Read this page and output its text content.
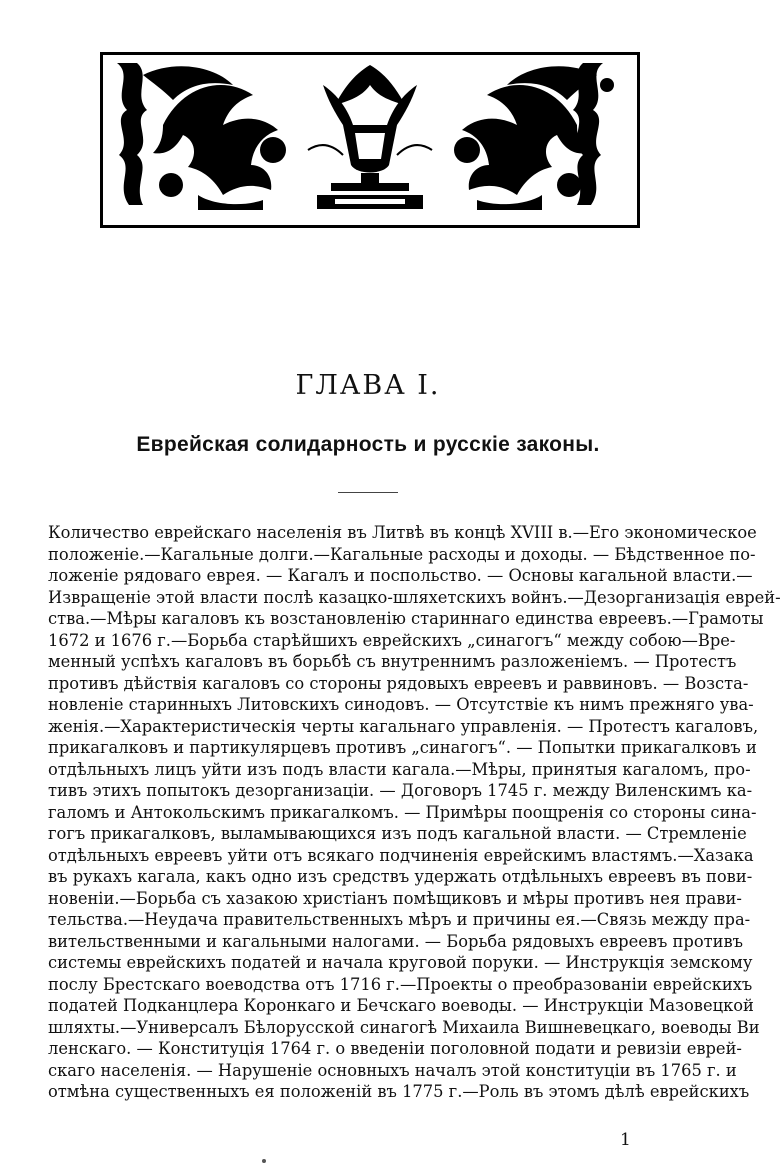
ГЛАВА I.
Еврейская солидарность и русскіе законы.
Количество еврейскаго населенія въ Литвѣ въ концѣ XVIII в.—Его экономическое
положеніе.—Кагальные долги.—Кагальные расходы и доходы. — Бѣдственное по-
ложеніе рядоваго еврея. — Кагалъ и поспольство. — Основы кагальной власти.—
Извращеніе этой власти послѣ казацко-шляхетскихъ войнъ.—Дезорганизація еврей-
ства.—Мѣры кагаловъ къ возстановленію стариннаго единства евреевъ.—Грамоты
1672 и 1676 г.—Борьба старѣйшихъ еврейскихъ „синагогъ“ между собою—Вре-
менный успѣхъ кагаловъ въ борьбѣ съ внутреннимъ разложеніемъ. — Протестъ
противъ дѣйствія кагаловъ со стороны рядовыхъ евреевъ и раввиновъ. — Возста-
новленіе старинныхъ Литовскихъ синодовъ. — Отсутствіе къ нимъ прежняго ува-
женія.—Характеристическія черты кагальнаго управленія. — Протестъ кагаловъ,
прикагалковъ и партикулярцевъ противъ „синагогъ“. — Попытки прикагалковъ и
отдѣльныхъ лицъ уйти изъ подъ власти кагала.—Мѣры, принятыя кагаломъ, про-
тивъ этихъ попытокъ дезорганизаціи. — Договоръ 1745 г. между Виленскимъ ка-
галомъ и Антокольскимъ прикагалкомъ. — Примѣры поощренія со стороны сина-
гогъ прикагалковъ, выламывающихся изъ подъ кагальной власти. — Стремленіе
отдѣльныхъ евреевъ уйти отъ всякаго подчиненія еврейскимъ властямъ.—Хазака
въ рукахъ кагала, какъ одно изъ средствъ удержать отдѣльныхъ евреевъ въ пови-
новеніи.—Борьба съ хазакою христіанъ помѣщиковъ и мѣры противъ нея прави-
тельства.—Неудача правительственныхъ мѣръ и причины ея.—Связь между пра-
вительственными и кагальными налогами. — Борьба рядовыхъ евреевъ противъ
системы еврейскихъ податей и начала круговой поруки. — Инструкція земскому
послу Брестскаго воеводства отъ 1716 г.—Проекты о преобразованіи еврейскихъ
податей Подканцлера Коронкаго и Бечскаго воеводы. — Инструкціи Мазовецкой
шляхты.—Универсалъ Бѣлорусской синагогѣ Михаила Вишневецкаго, воеводы Ви
ленскаго. — Конституція 1764 г. о введеніи поголовной подати и ревизіи еврей-
скаго населенія. — Нарушеніе основныхъ началъ этой конституціи въ 1765 г. и
отмѣна существенныхъ ея положеній въ 1775 г.—Роль въ этомъ дѣлѣ еврейскихъ
1
